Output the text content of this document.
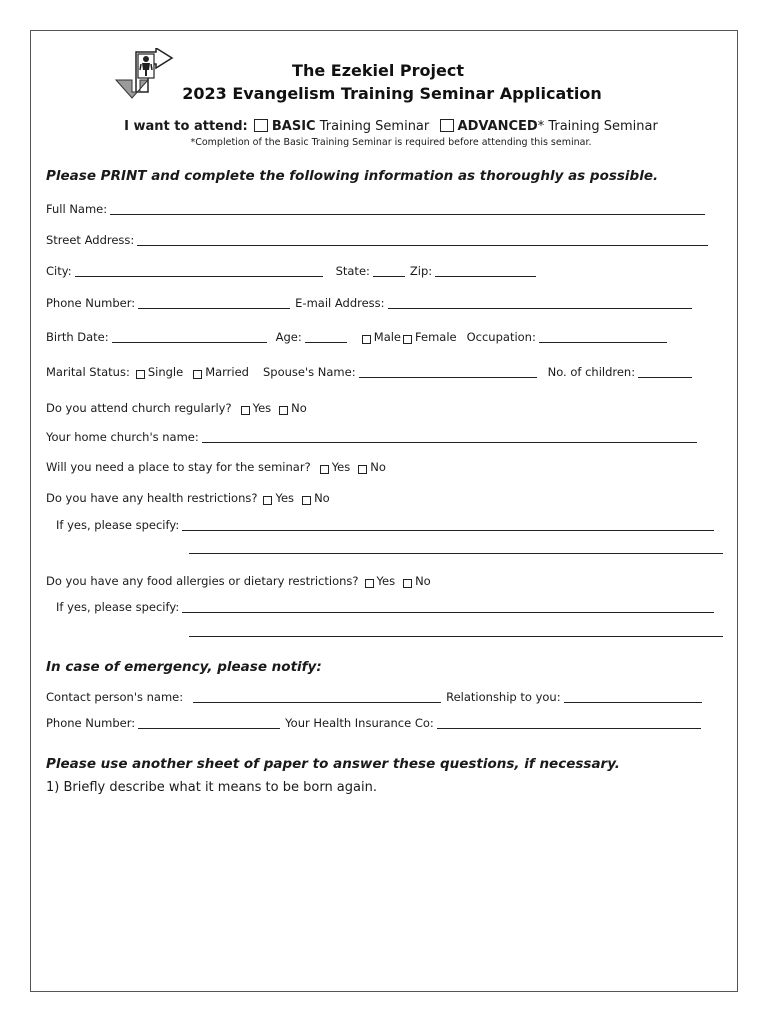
The Ezekiel Project
2023 Evangelism Training Seminar Application
I want to attend: BASIC Training Seminar ADVANCED* Training Seminar
*Completion of the Basic Training Seminar is required before attending this seminar.
Please PRINT and complete the following information as thoroughly as possible.
Full Name:
Street Address:
City:	State:	Zip:
Phone Number:	E-mail Address:
Birth Date:	Age:	Male Female Occupation:
Marital Status: Single Married Spouse's Name:	No. of children:
Do you attend church regularly? Yes No
Your home church's name:
Will you need a place to stay for the seminar? Yes No
Do you have any health restrictions? Yes No
If yes, please specify:
Do you have any food allergies or dietary restrictions? Yes No
If yes, please specify:
In case of emergency, please notify:
Contact person's name:	Relationship to you:
Phone Number:	Your Health Insurance Co:
Please use another sheet of paper to answer these questions, if necessary.
1) Briefly describe what it means to be born again.
